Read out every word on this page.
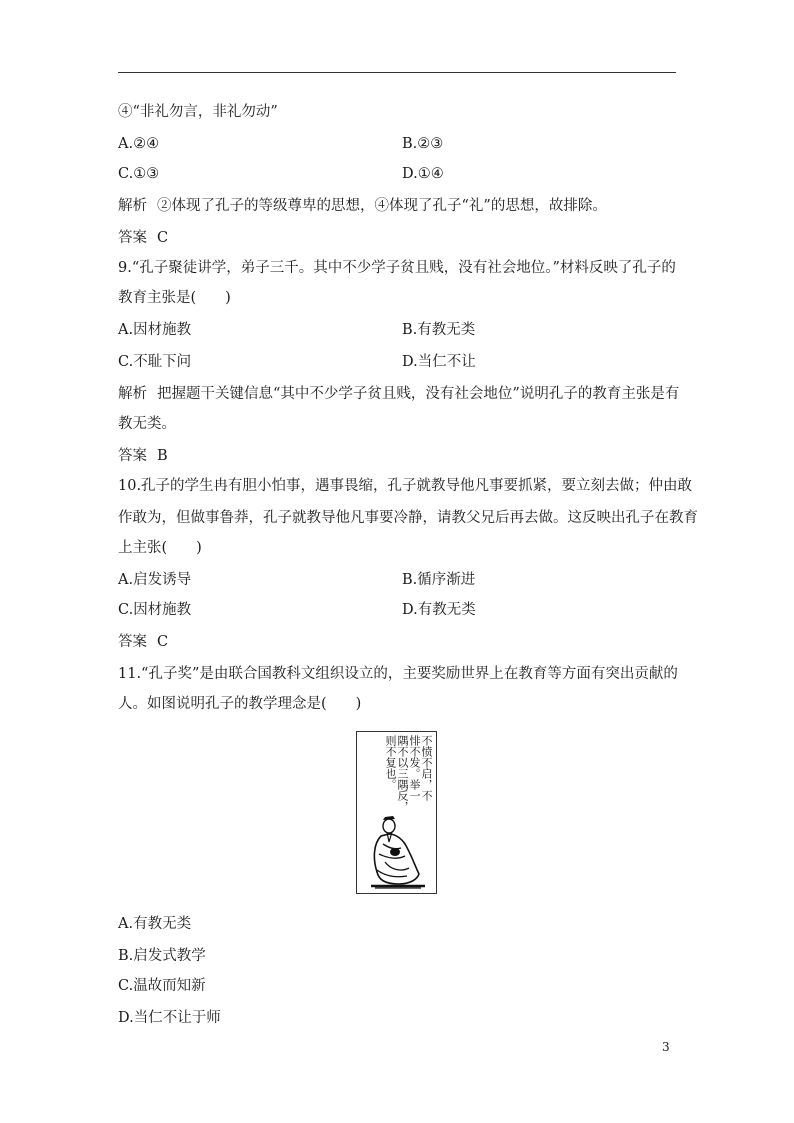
④“非礼勿言，非礼勿动”
A.②④	B.②③
C.①③	D.①④
解析 ②体现了孔子的等级尊卑的思想，④体现了孔子“礼”的思想，故排除。
答案 C
9.“孔子聚徒讲学，弟子三千。其中不少学子贫且贱，没有社会地位。”材料反映了孔子的
教育主张是(　　)
A.因材施教	B.有教无类
C.不耻下问	D.当仁不让
解析 把握题干关键信息“其中不少学子贫且贱，没有社会地位”说明孔子的教育主张是有
教无类。
答案 B
10.孔子的学生冉有胆小怕事，遇事畏缩，孔子就教导他凡事要抓紧，要立刻去做；仲由敢
作敢为，但做事鲁莽，孔子就教导他凡事要冷静，请教父兄后再去做。这反映出孔子在教育
上主张(　　)
A.启发诱导	B.循序渐进
C.因材施教	D.有教无类
答案 C
11.“孔子奖”是由联合国教科文组织设立的，主要奖励世界上在教育等方面有突出贡献的
人。如图说明孔子的教学理念是(　　)
不愤不启，不
悱不发。举一
隅不以三隅反，
则不复也。
A.有教无类
B.启发式教学
C.温故而知新
D.当仁不让于师
3
